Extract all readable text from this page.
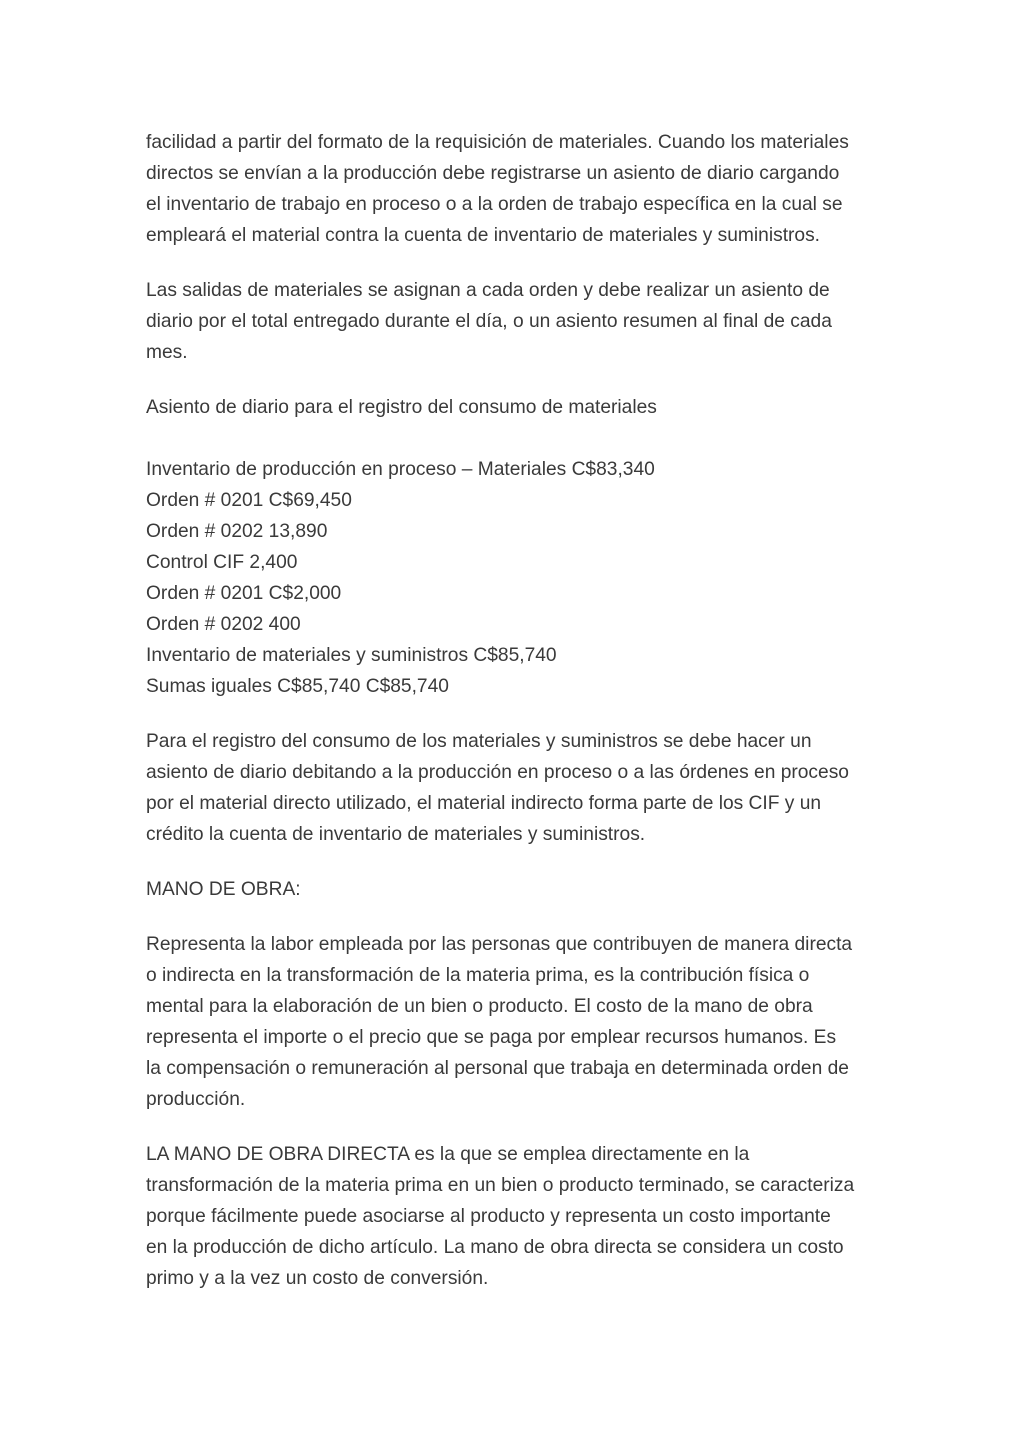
facilidad a partir del formato de la requisición de materiales. Cuando los materiales
directos se envían a la producción debe registrarse un asiento de diario cargando
el inventario de trabajo en proceso o a la orden de trabajo específica en la cual se
empleará el material contra la cuenta de inventario de materiales y suministros.

Las salidas de materiales se asignan a cada orden y debe realizar un asiento de
diario por el total entregado durante el día, o un asiento resumen al final de cada
mes.

Asiento de diario para el registro del consumo de materiales
Inventario de producción en proceso – Materiales C$83,340
Orden # 0201 C$69,450
Orden # 0202 13,890
Control CIF 2,400
Orden # 0201 C$2,000
Orden # 0202 400
Inventario de materiales y suministros C$85,740
Sumas iguales C$85,740 C$85,740

Para el registro del consumo de los materiales y suministros se debe hacer un
asiento de diario debitando a la producción en proceso o a las órdenes en proceso
por el material directo utilizado, el material indirecto forma parte de los CIF y un
crédito la cuenta de inventario de materiales y suministros.

MANO DE OBRA:

Representa la labor empleada por las personas que contribuyen de manera directa
o indirecta en la transformación de la materia prima, es la contribución física o
mental para la elaboración de un bien o producto. El costo de la mano de obra
representa el importe o el precio que se paga por emplear recursos humanos. Es
la compensación o remuneración al personal que trabaja en determinada orden de
producción.

LA MANO DE OBRA DIRECTA es la que se emplea directamente en la
transformación de la materia prima en un bien o producto terminado, se caracteriza
porque fácilmente puede asociarse al producto y representa un costo importante
en la producción de dicho artículo. La mano de obra directa se considera un costo
primo y a la vez un costo de conversión.
